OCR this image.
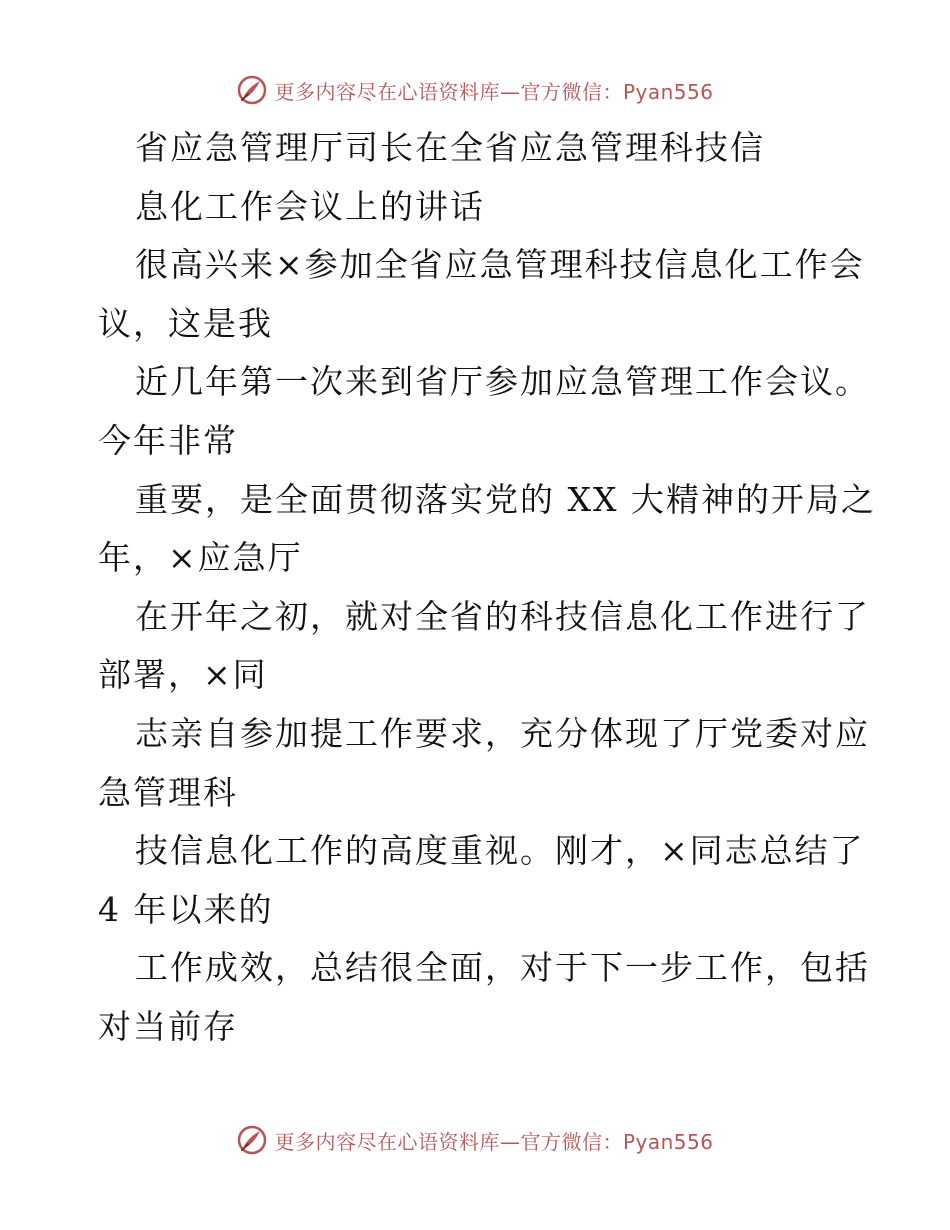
更多内容尽在心语资料库—官方微信：Pyan556
省应急管理厅司长在全省应急管理科技信
息化工作会议上的讲话
很高兴来×参加全省应急管理科技信息化工作会
议，这是我
近几年第一次来到省厅参加应急管理工作会议。
今年非常
重要，是全面贯彻落实党的 XX 大精神的开局之
年，×应急厅
在开年之初，就对全省的科技信息化工作进行了
部署，×同
志亲自参加提工作要求，充分体现了厅党委对应
急管理科
技信息化工作的高度重视。刚才，×同志总结了
4 年以来的
工作成效，总结很全面，对于下一步工作，包括
对当前存
更多内容尽在心语资料库—官方微信：Pyan556
